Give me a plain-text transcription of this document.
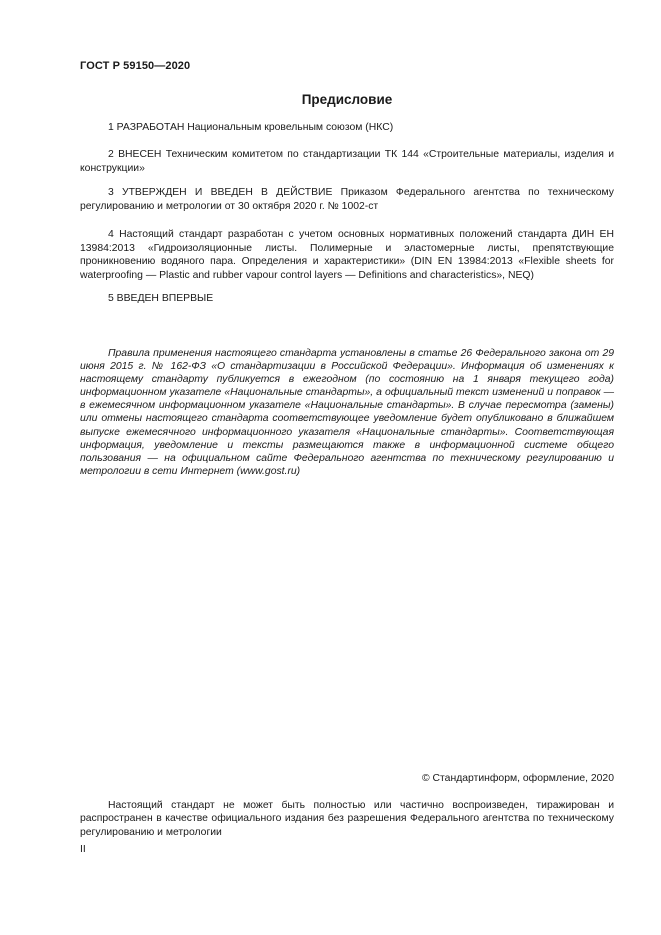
ГОСТ Р 59150—2020
Предисловие

1 РАЗРАБОТАН Национальным кровельным союзом (НКС)

2 ВНЕСЕН Техническим комитетом по стандартизации ТК 144 «Строительные материалы, изделия и конструкции»

3 УТВЕРЖДЕН И ВВЕДЕН В ДЕЙСТВИЕ Приказом Федерального агентства по техническому регулированию и метрологии от 30 октября 2020 г. № 1002-ст

4 Настоящий стандарт разработан с учетом основных нормативных положений стандарта ДИН ЕН 13984:2013 «Гидроизоляционные листы. Полимерные и эластомерные листы, препятствующие проникновению водяного пара. Определения и характеристики» (DIN EN 13984:2013 «Flexible sheets for waterproofing — Plastic and rubber vapour control layers — Definitions and characteristics», NEQ)

5 ВВЕДЕН ВПЕРВЫЕ

Правила применения настоящего стандарта установлены в статье 26 Федерального закона от 29 июня 2015 г. № 162-ФЗ «О стандартизации в Российской Федерации». Информация об изменениях к настоящему стандарту публикуется в ежегодном (по состоянию на 1 января текущего года) информационном указателе «Национальные стандарты», а официальный текст изменений и поправок — в ежемесячном информационном указателе «Национальные стандарты». В случае пересмотра (замены) или отмены настоящего стандарта соответствующее уведомление будет опубликовано в ближайшем выпуске ежемесячного информационного указателя «Национальные стандарты». Соответствующая информация, уведомление и тексты размещаются также в информационной системе общего пользования — на официальном сайте Федерального агентства по техническому регулированию и метрологии в сети Интернет (www.gost.ru)

© Стандартинформ, оформление, 2020

Настоящий стандарт не может быть полностью или частично воспроизведен, тиражирован и распространен в качестве официального издания без разрешения Федерального агентства по техническому регулированию и метрологии

II
